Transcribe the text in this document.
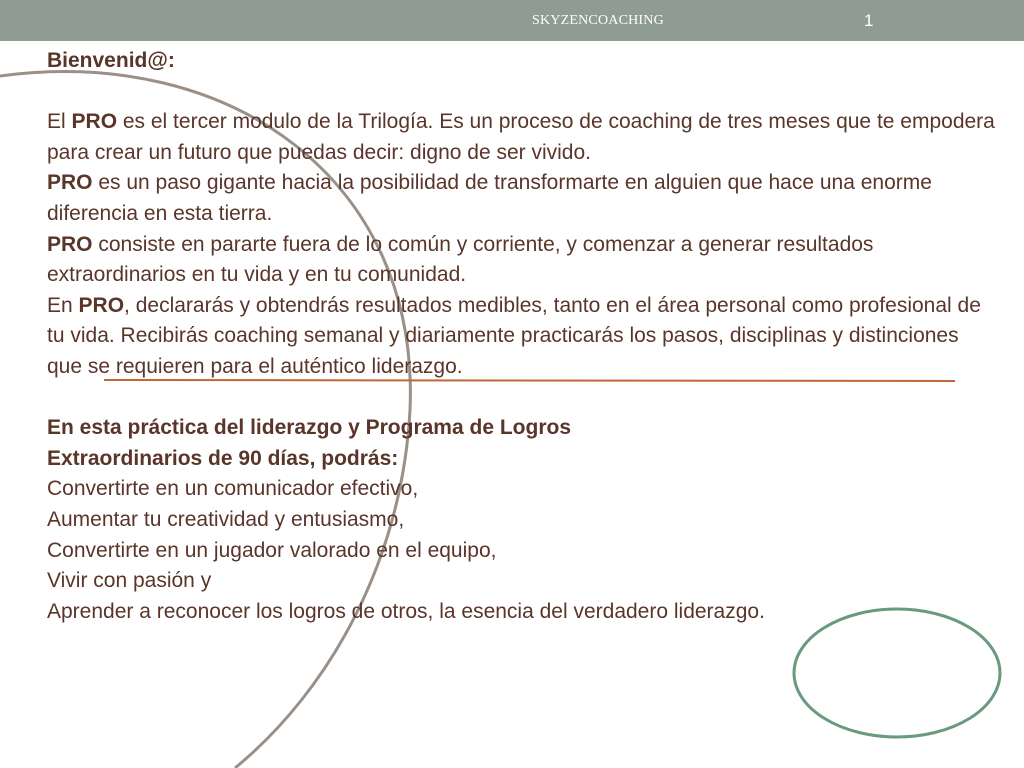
SKYZENCOACHING	1

Bienvenid@:

El PRO es el tercer modulo de la Trilogía. Es un proceso de coaching de tres meses que te empodera para crear un futuro que puedas decir: digno de ser vivido.

PRO es un paso gigante hacia la posibilidad de transformarte en alguien que hace una enorme diferencia en esta tierra.

PRO consiste en pararte fuera de lo común y corriente, y comenzar a generar resultados extraordinarios en tu vida y en tu comunidad.

En PRO, declararás y obtendrás resultados medibles, tanto en el área personal como profesional de tu vida. Recibirás coaching semanal y diariamente practicarás los pasos, disciplinas y distinciones que se requieren para el auténtico liderazgo.

En esta práctica del liderazgo y Programa de Logros

Extraordinarios de 90 días, podrás:

Convertirte en un comunicador efectivo,

Aumentar tu creatividad y entusiasmo,

Convertirte en un jugador valorado en el equipo,

Vivir con pasión y

Aprender a reconocer los logros de otros, la esencia del verdadero liderazgo.
